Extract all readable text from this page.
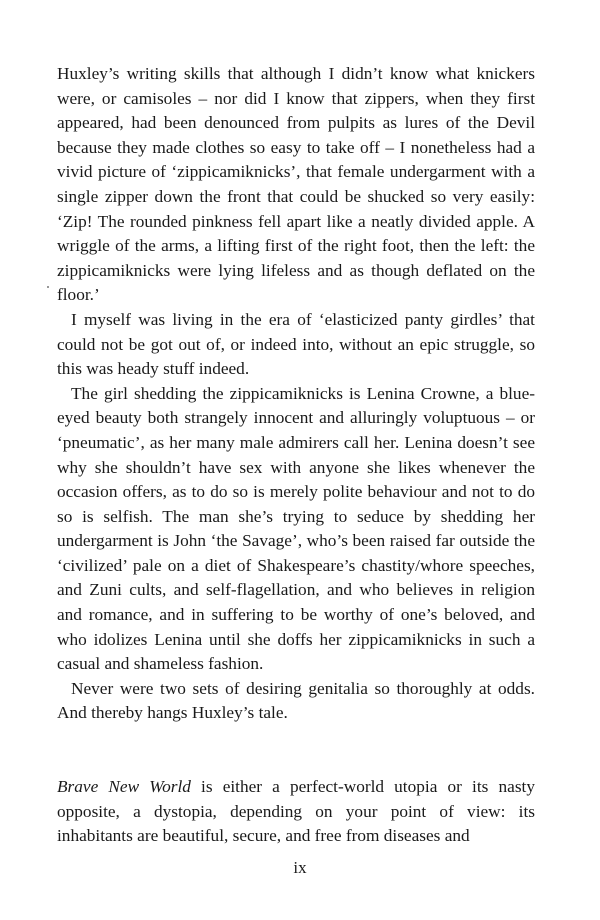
Huxley’s writing skills that although I didn’t know what knickers were, or camisoles – nor did I know that zippers, when they first appeared, had been denounced from pulpits as lures of the Devil because they made clothes so easy to take off – I nonetheless had a vivid picture of ‘zippicamiknicks’, that female undergarment with a single zipper down the front that could be shucked so very easily: ‘Zip! The rounded pinkness fell apart like a neatly divided apple. A wriggle of the arms, a lifting first of the right foot, then the left: the zippicamiknicks were lying lifeless and as though deflated on the floor.’

I myself was living in the era of ‘elasticized panty girdles’ that could not be got out of, or indeed into, without an epic struggle, so this was heady stuff indeed.

The girl shedding the zippicamiknicks is Lenina Crowne, a blue-eyed beauty both strangely innocent and alluringly voluptuous – or ‘pneumatic’, as her many male admirers call her. Lenina doesn’t see why she shouldn’t have sex with anyone she likes whenever the occasion offers, as to do so is merely polite behaviour and not to do so is selfish. The man she’s trying to seduce by shedding her undergarment is John ‘the Savage’, who’s been raised far outside the ‘civilized’ pale on a diet of Shakespeare’s chastity/whore speeches, and Zuni cults, and self-flagellation, and who believes in religion and romance, and in suffering to be worthy of one’s beloved, and who idolizes Lenina until she doffs her zippicamiknicks in such a casual and shameless fashion.

Never were two sets of desiring genitalia so thoroughly at odds. And thereby hangs Huxley’s tale.

Brave New World is either a perfect-world utopia or its nasty opposite, a dystopia, depending on your point of view: its inhabitants are beautiful, secure, and free from diseases and

ix
